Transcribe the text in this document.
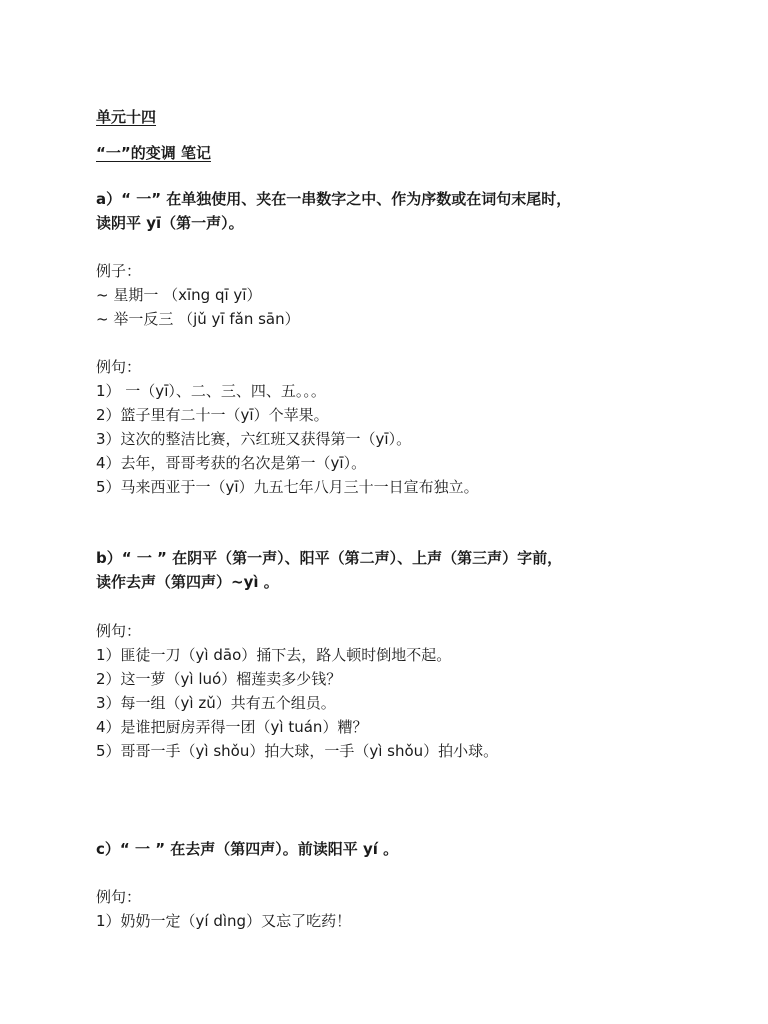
单元十四
“一”的变调 笔记
a）“ 一” 在单独使用、夹在一串数字之中、作为序数或在词句末尾时，
读阴平 yī（第一声）。
例子：
~ 星期一 （xīng qī yī）
~ 举一反三 （jǔ yī fǎn sān）
例句：
1） 一（yī）、二、三、四、五。。。
2）篮子里有二十一（yī）个苹果。
3）这次的整洁比赛，六红班又获得第一（yī）。
4）去年，哥哥考获的名次是第一（yī）。
5）马来西亚于一（yī）九五七年八月三十一日宣布独立。
b）“ 一 ” 在阴平（第一声）、阳平（第二声）、上声（第三声）字前，
读作去声（第四声）~yì 。
例句：
1）匪徒一刀（yì dāo）捅下去，路人顿时倒地不起。
2）这一萝（yì luó）榴莲卖多少钱？
3）每一组（yì zǔ）共有五个组员。
4）是谁把厨房弄得一团（yì tuán）糟？
5）哥哥一手（yì shǒu）拍大球，一手（yì shǒu）拍小球。
c）“ 一 ” 在去声（第四声）。前读阳平 yí 。
例句：
1）奶奶一定（yí dìng）又忘了吃药！
